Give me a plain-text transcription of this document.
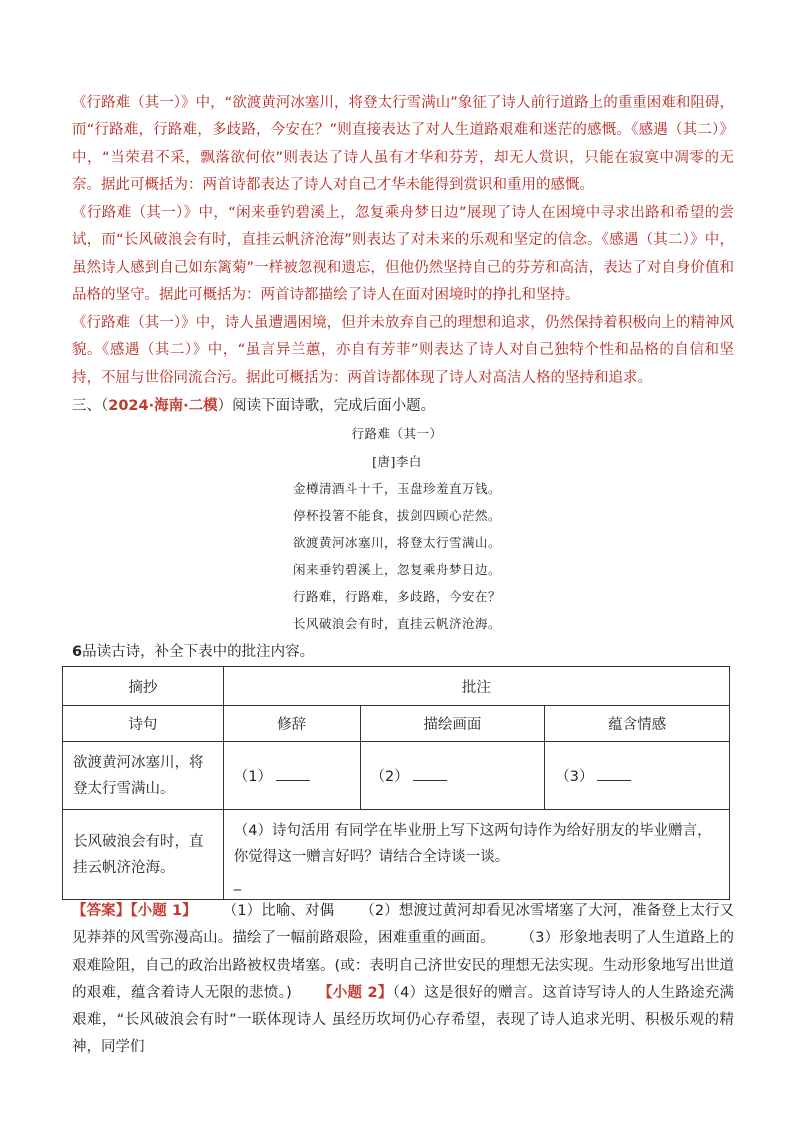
《行路难（其一）》中，“欲渡黄河冰塞川，将登太行雪满山”象征了诗人前行道路上的重重困难和阻碍，而“行路难，行路难，多歧路，今安在？”则直接表达了对人生道路艰难和迷茫的感慨。《感遇（其二）》中，“当荣君不采，飘落欲何依”则表达了诗人虽有才华和芬芳，却无人赏识，只能在寂寞中凋零的无奈。据此可概括为：两首诗都表达了诗人对自己才华未能得到赏识和重用的感慨。
《行路难（其一）》中，“闲来垂钓碧溪上，忽复乘舟梦日边”展现了诗人在困境中寻求出路和希望的尝试，而“长风破浪会有时，直挂云帆济沧海”则表达了对未来的乐观和坚定的信念。《感遇（其二）》中，虽然诗人感到自己如东篱菊”一样被忽视和遗忘，但他仍然坚持自己的芬芳和高洁，表达了对自身价值和品格的坚守。据此可概括为：两首诗都描绘了诗人在面对困境时的挣扎和坚持。
《行路难（其一）》中，诗人虽遭遇困境，但并未放弃自己的理想和追求，仍然保持着积极向上的精神风貌。《感遇（其二）》中，“虽言异兰蕙，亦自有芳菲”则表达了诗人对自己独特个性和品格的自信和坚持，不屈与世俗同流合污。据此可概括为：两首诗都体现了诗人对高洁人格的坚持和追求。
三、（2024·海南·二模）阅读下面诗歌，完成后面小题。
行路难（其一）
[唐]李白
金樽清酒斗十千，玉盘珍羞直万钱。
停杯投箸不能食，拔剑四顾心茫然。
欲渡黄河冰塞川，将登太行雪满山。
闲来垂钓碧溪上，忽复乘舟梦日边。
行路难，行路难，多歧路，今安在？
长风破浪会有时，直挂云帆济沧海。
6品读古诗，补全下表中的批注内容。
摘抄	批注		
诗句	修辞	描绘画面	蕴含情感
欲渡黄河冰塞川，将登太行雪满山。	（1）	（2）	（3）
长风破浪会有时，直挂云帆济沧海。	（4）诗句活用 有同学在毕业册上写下这两句诗作为给好朋友的毕业赠言，你觉得这一赠言好吗？请结合全诗谈一谈。
_		
【答案】【小题 1】 （1）比喻、对偶 （2）想渡过黄河却看见冰雪堵塞了大河，准备登上太行又见莽莽的风雪弥漫高山。描绘了一幅前路艰险，困难重重的画面。 （3）形象地表明了人生道路上的艰难险阻，自己的政治出路被权贵堵塞。(或：表明自己济世安民的理想无法实现。生动形象地写出世道的艰难，蕴含着诗人无限的悲愤。) 【小题 2】（4）这是很好的赠言。这首诗写诗人的人生路途充满艰难，“长风破浪会有时”一联体现诗人 虽经历坎坷仍心存希望，表现了诗人追求光明、积极乐观的精神，同学们
